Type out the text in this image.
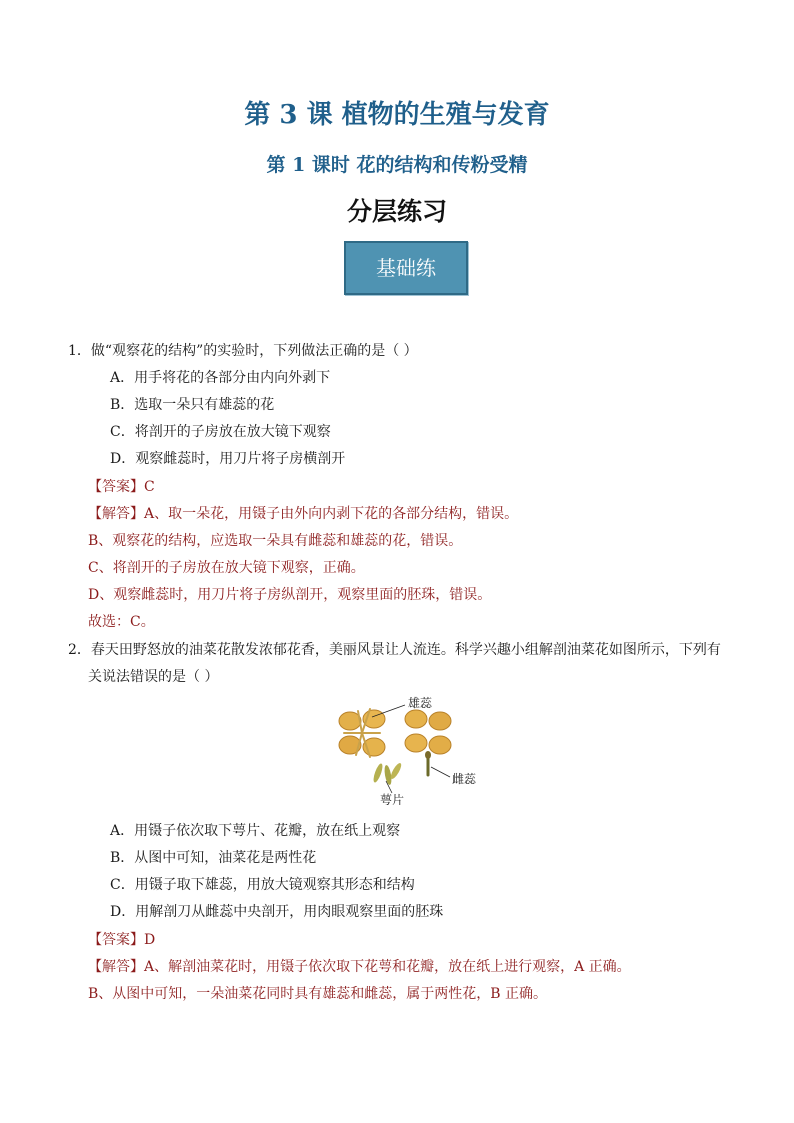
第 3 课 植物的生殖与发育
第 1 课时 花的结构和传粉受精
分层练习
基础练
1．做“观察花的结构”的实验时，下列做法正确的是（ ）
A．用手将花的各部分由内向外剥下
B．选取一朵只有雄蕊的花
C．将剖开的子房放在放大镜下观察
D．观察雌蕊时，用刀片将子房横剖开
【答案】C
【解答】A、取一朵花，用镊子由外向内剥下花的各部分结构，错误。
B、观察花的结构，应选取一朵具有雌蕊和雄蕊的花，错误。
C、将剖开的子房放在放大镜下观察，正确。
D、观察雌蕊时，用刀片将子房纵剖开，观察里面的胚珠，错误。
故选：C。
2．春天田野怒放的油菜花散发浓郁花香，美丽风景让人流连。科学兴趣小组解剖油菜花如图所示，下列有
关说法错误的是（ ）
雄蕊
雌蕊
萼片
A．用镊子依次取下萼片、花瓣，放在纸上观察
B．从图中可知，油菜花是两性花
C．用镊子取下雄蕊，用放大镜观察其形态和结构
D．用解剖刀从雌蕊中央剖开，用肉眼观察里面的胚珠
【答案】D
【解答】A、解剖油菜花时，用镊子依次取下花萼和花瓣，放在纸上进行观察，A 正确。
B、从图中可知，一朵油菜花同时具有雄蕊和雌蕊，属于两性花，B 正确。
